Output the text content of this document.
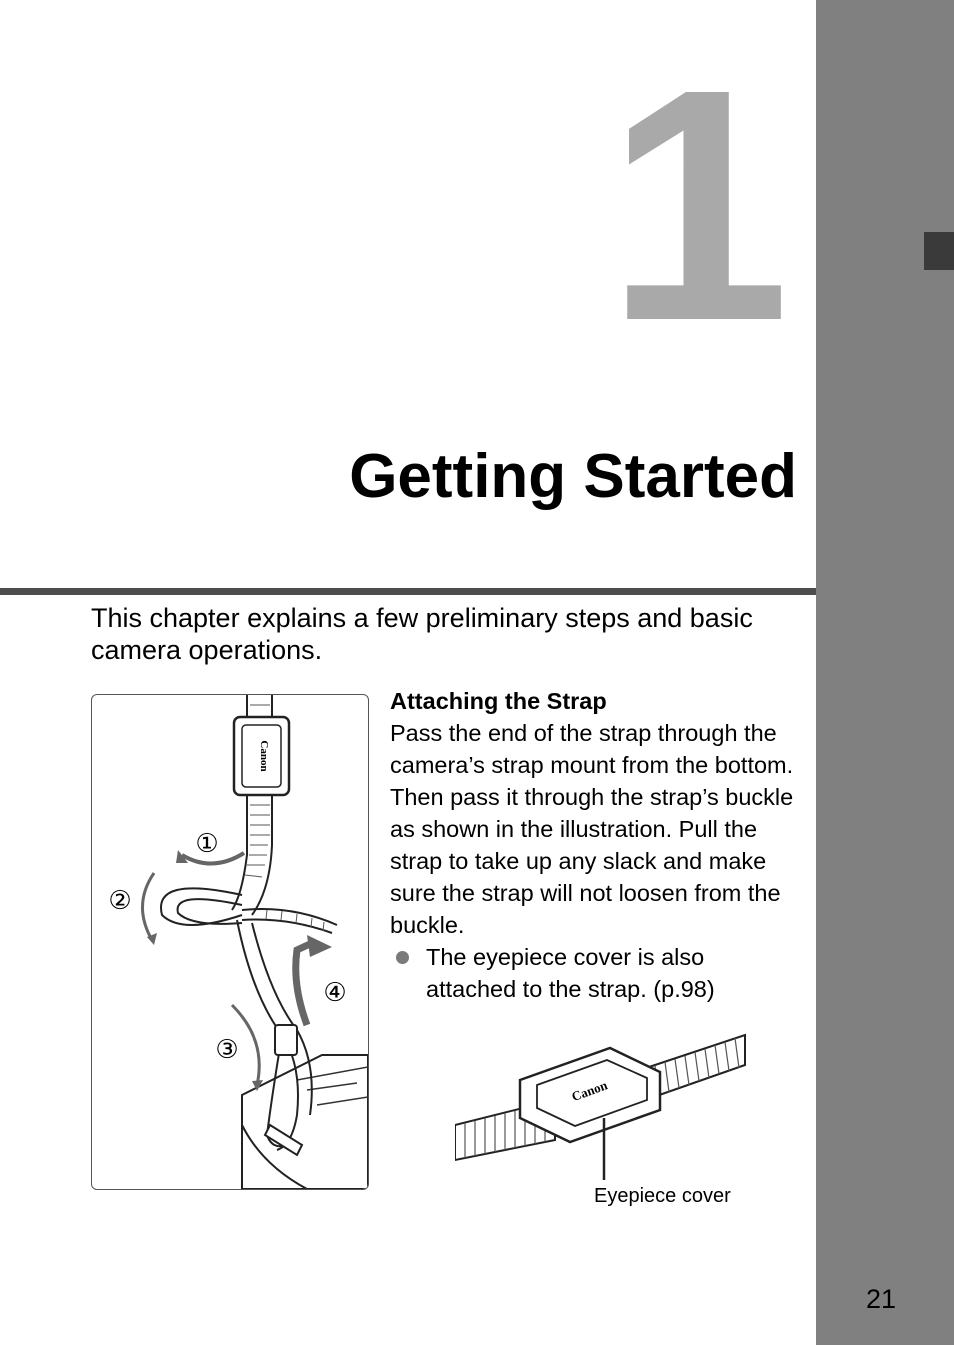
1
Getting Started
This chapter explains a few preliminary steps and basic camera operations.
Canon
①
②
③
④
Attaching the Strap
Pass the end of the strap through the camera’s strap mount from the bottom. Then pass it through the strap’s buckle as shown in the illustration. Pull the strap to take up any slack and make sure the strap will not loosen from the buckle.
The eyepiece cover is also attached to the strap. (p.98)
Canon
Eyepiece cover
21
